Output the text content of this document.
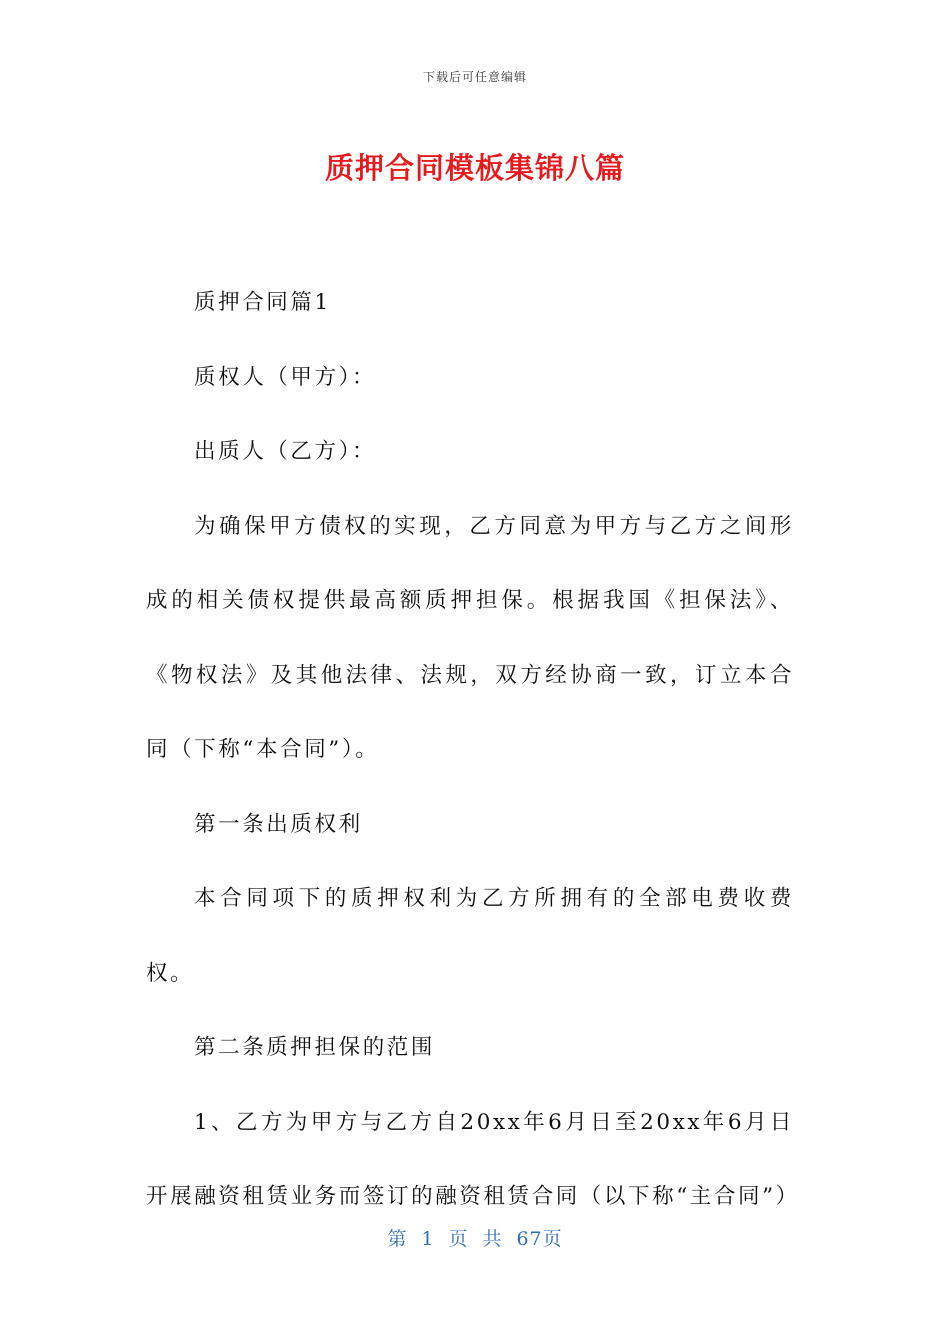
下载后可任意编辑
质押合同模板集锦八篇

质押合同篇1

质权人（甲方）：

出质人（乙方）：

为确保甲方债权的实现，乙方同意为甲方与乙方之间形成的相关债权提供最高额质押担保。根据我国《担保法》、《物权法》及其他法律、法规，双方经协商一致，订立本合同（下称“本合同”）。

第一条出质权利

本合同项下的质押权利为乙方所拥有的全部电费收费权。

第二条质押担保的范围

1、乙方为甲方与乙方自20xx年6月日至20xx年6月日开展融资租赁业务而签订的融资租赁合同（以下称“主合同”）

第 1 页 共 67页
